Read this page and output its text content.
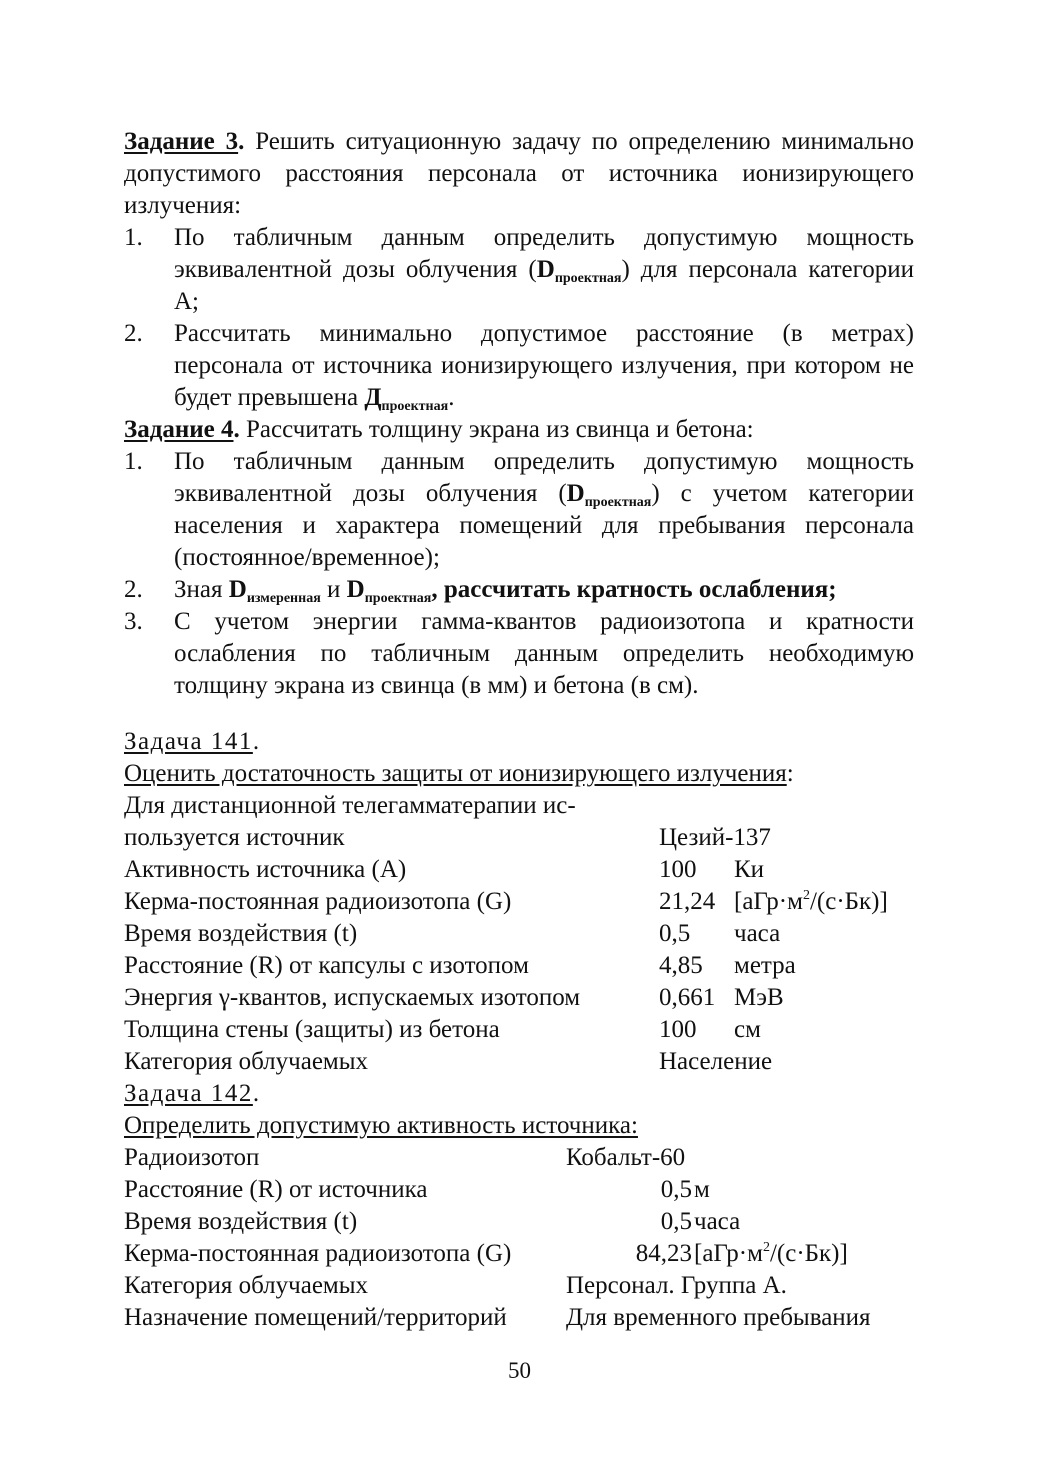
Задание 3. Решить ситуационную задачу по определению минимально допустимого расстояния персонала от источника ионизирующего излучения:

1. По табличным данным определить допустимую мощность эквивалентной дозы облучения $(D_{проектная})$ для персонала категории А;
2. Рассчитать минимально допустимое расстояние (в метрах) персонала от источника ионизирующего излучения, при котором не будет превышена $Д_{проектная}$.

Задание 4. Рассчитать толщину экрана из свинца и бетона:

1. По табличным данным определить допустимую мощность эквивалентной дозы облучения $(D_{проектная})$ с учетом категории населения и характера помещений для пребывания персонала (постоянное/временное);
2. Зная $D_{измеренная}$ и $D_{проектная}$, рассчитать кратность ослабления;
3. С учетом энергии гамма-квантов радиоизотопа и кратности ослабления по табличным данным определить необходимую толщину экрана из свинца (в мм) и бетона (в см).
Задача 141.
Оценить достаточность защиты от ионизирующего излучения:
Для дистанционной телегамматерапии ис-
пользуется источник	Цезий-137
Активность источника (А)	100	Ки
Керма-постоянная радиоизотопа (G)	21,24 $[аГр\cdot м^2/(с\cdot Бк)]$
Время воздействия (t)	0,5	часа
Расстояние (R) от капсулы с изотопом	4,85	метра
Энергия γ-квантов, испускаемых изотопом	0,661 МэВ
Толщина стены (защиты) из бетона	100	см
Категория облучаемых	Население
Задача 142.
Определить допустимую активность источника:
Радиоизотоп	Кобальт-60
Расстояние (R) от источника	0,5 м
Время воздействия (t)	0,5 часа
Керма-постоянная радиоизотопа (G)	84,23 $[аГр\cdot м^2/(с\cdot Бк)]$
Категория облучаемых	Персонал. Группа А.
Назначение помещений/территорий	Для временного пребывания
50
